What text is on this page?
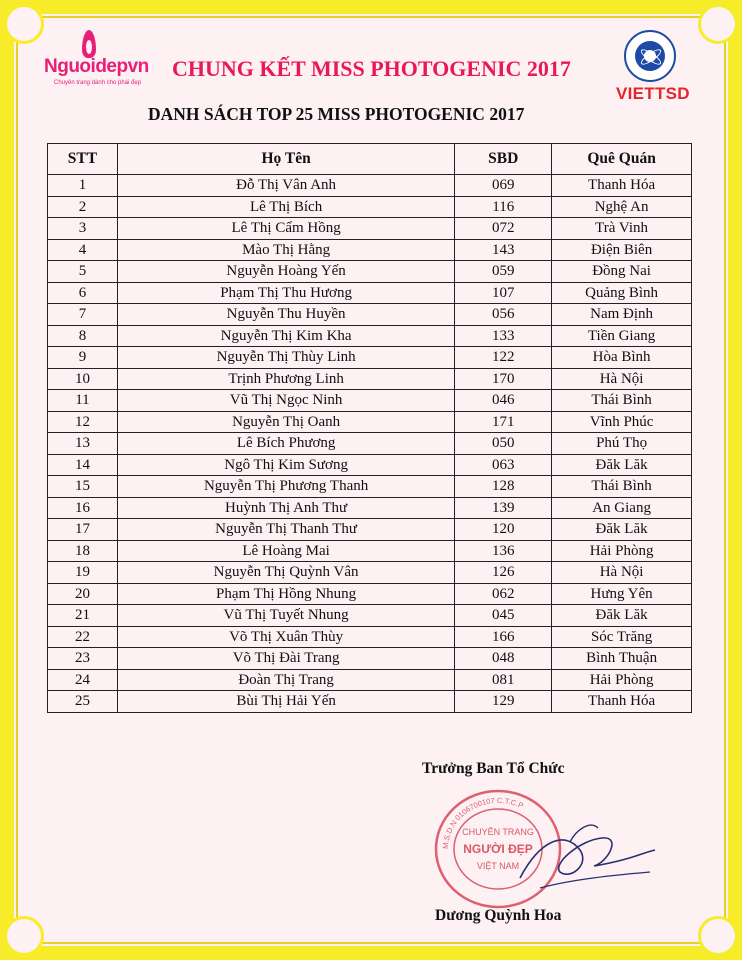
Nguoidepvn
Chuyên trang dành cho phái đẹp
VIETTSD
CHUNG KẾT MISS PHOTOGENIC 2017
DANH SÁCH TOP 25 MISS PHOTOGENIC 2017
STT	Họ Tên	SBD	Quê Quán
1	Đỗ Thị Vân Anh	069	Thanh Hóa
2	Lê Thị Bích	116	Nghệ An
3	Lê Thị Cẩm Hồng	072	Trà Vinh
4	Mào Thị Hằng	143	Điện Biên
5	Nguyễn Hoàng Yến	059	Đồng Nai
6	Phạm Thị Thu Hương	107	Quảng Bình
7	Nguyễn Thu Huyền	056	Nam Định
8	Nguyễn Thị Kim Kha	133	Tiền Giang
9	Nguyễn Thị Thùy Linh	122	Hòa Bình
10	Trịnh Phương Linh	170	Hà Nội
11	Vũ Thị Ngọc Ninh	046	Thái Bình
12	Nguyễn Thị Oanh	171	Vĩnh Phúc
13	Lê Bích Phương	050	Phú Thọ
14	Ngô Thị Kim Sương	063	Đăk Lăk
15	Nguyễn Thị Phương Thanh	128	Thái Bình
16	Huỳnh Thị Anh Thư	139	An Giang
17	Nguyễn Thị Thanh Thư	120	Đăk Lăk
18	Lê Hoàng Mai	136	Hải Phòng
19	Nguyễn Thị Quỳnh Vân	126	Hà Nội
20	Phạm Thị Hồng Nhung	062	Hưng Yên
21	Vũ Thị Tuyết Nhung	045	Đăk Lăk
22	Võ Thị Xuân Thùy	166	Sóc Trăng
23	Võ Thị Đài Trang	048	Bình Thuận
24	Đoàn Thị Trang	081	Hải Phòng
25	Bùi Thị Hải Yến	129	Thanh Hóa
Trưởng Ban Tổ Chức
M.S.D.N 0106700107 C.T.C.P
CHUYÊN TRANG
NGƯỜI ĐẸP
VIỆT NAM
Dương Quỳnh Hoa
